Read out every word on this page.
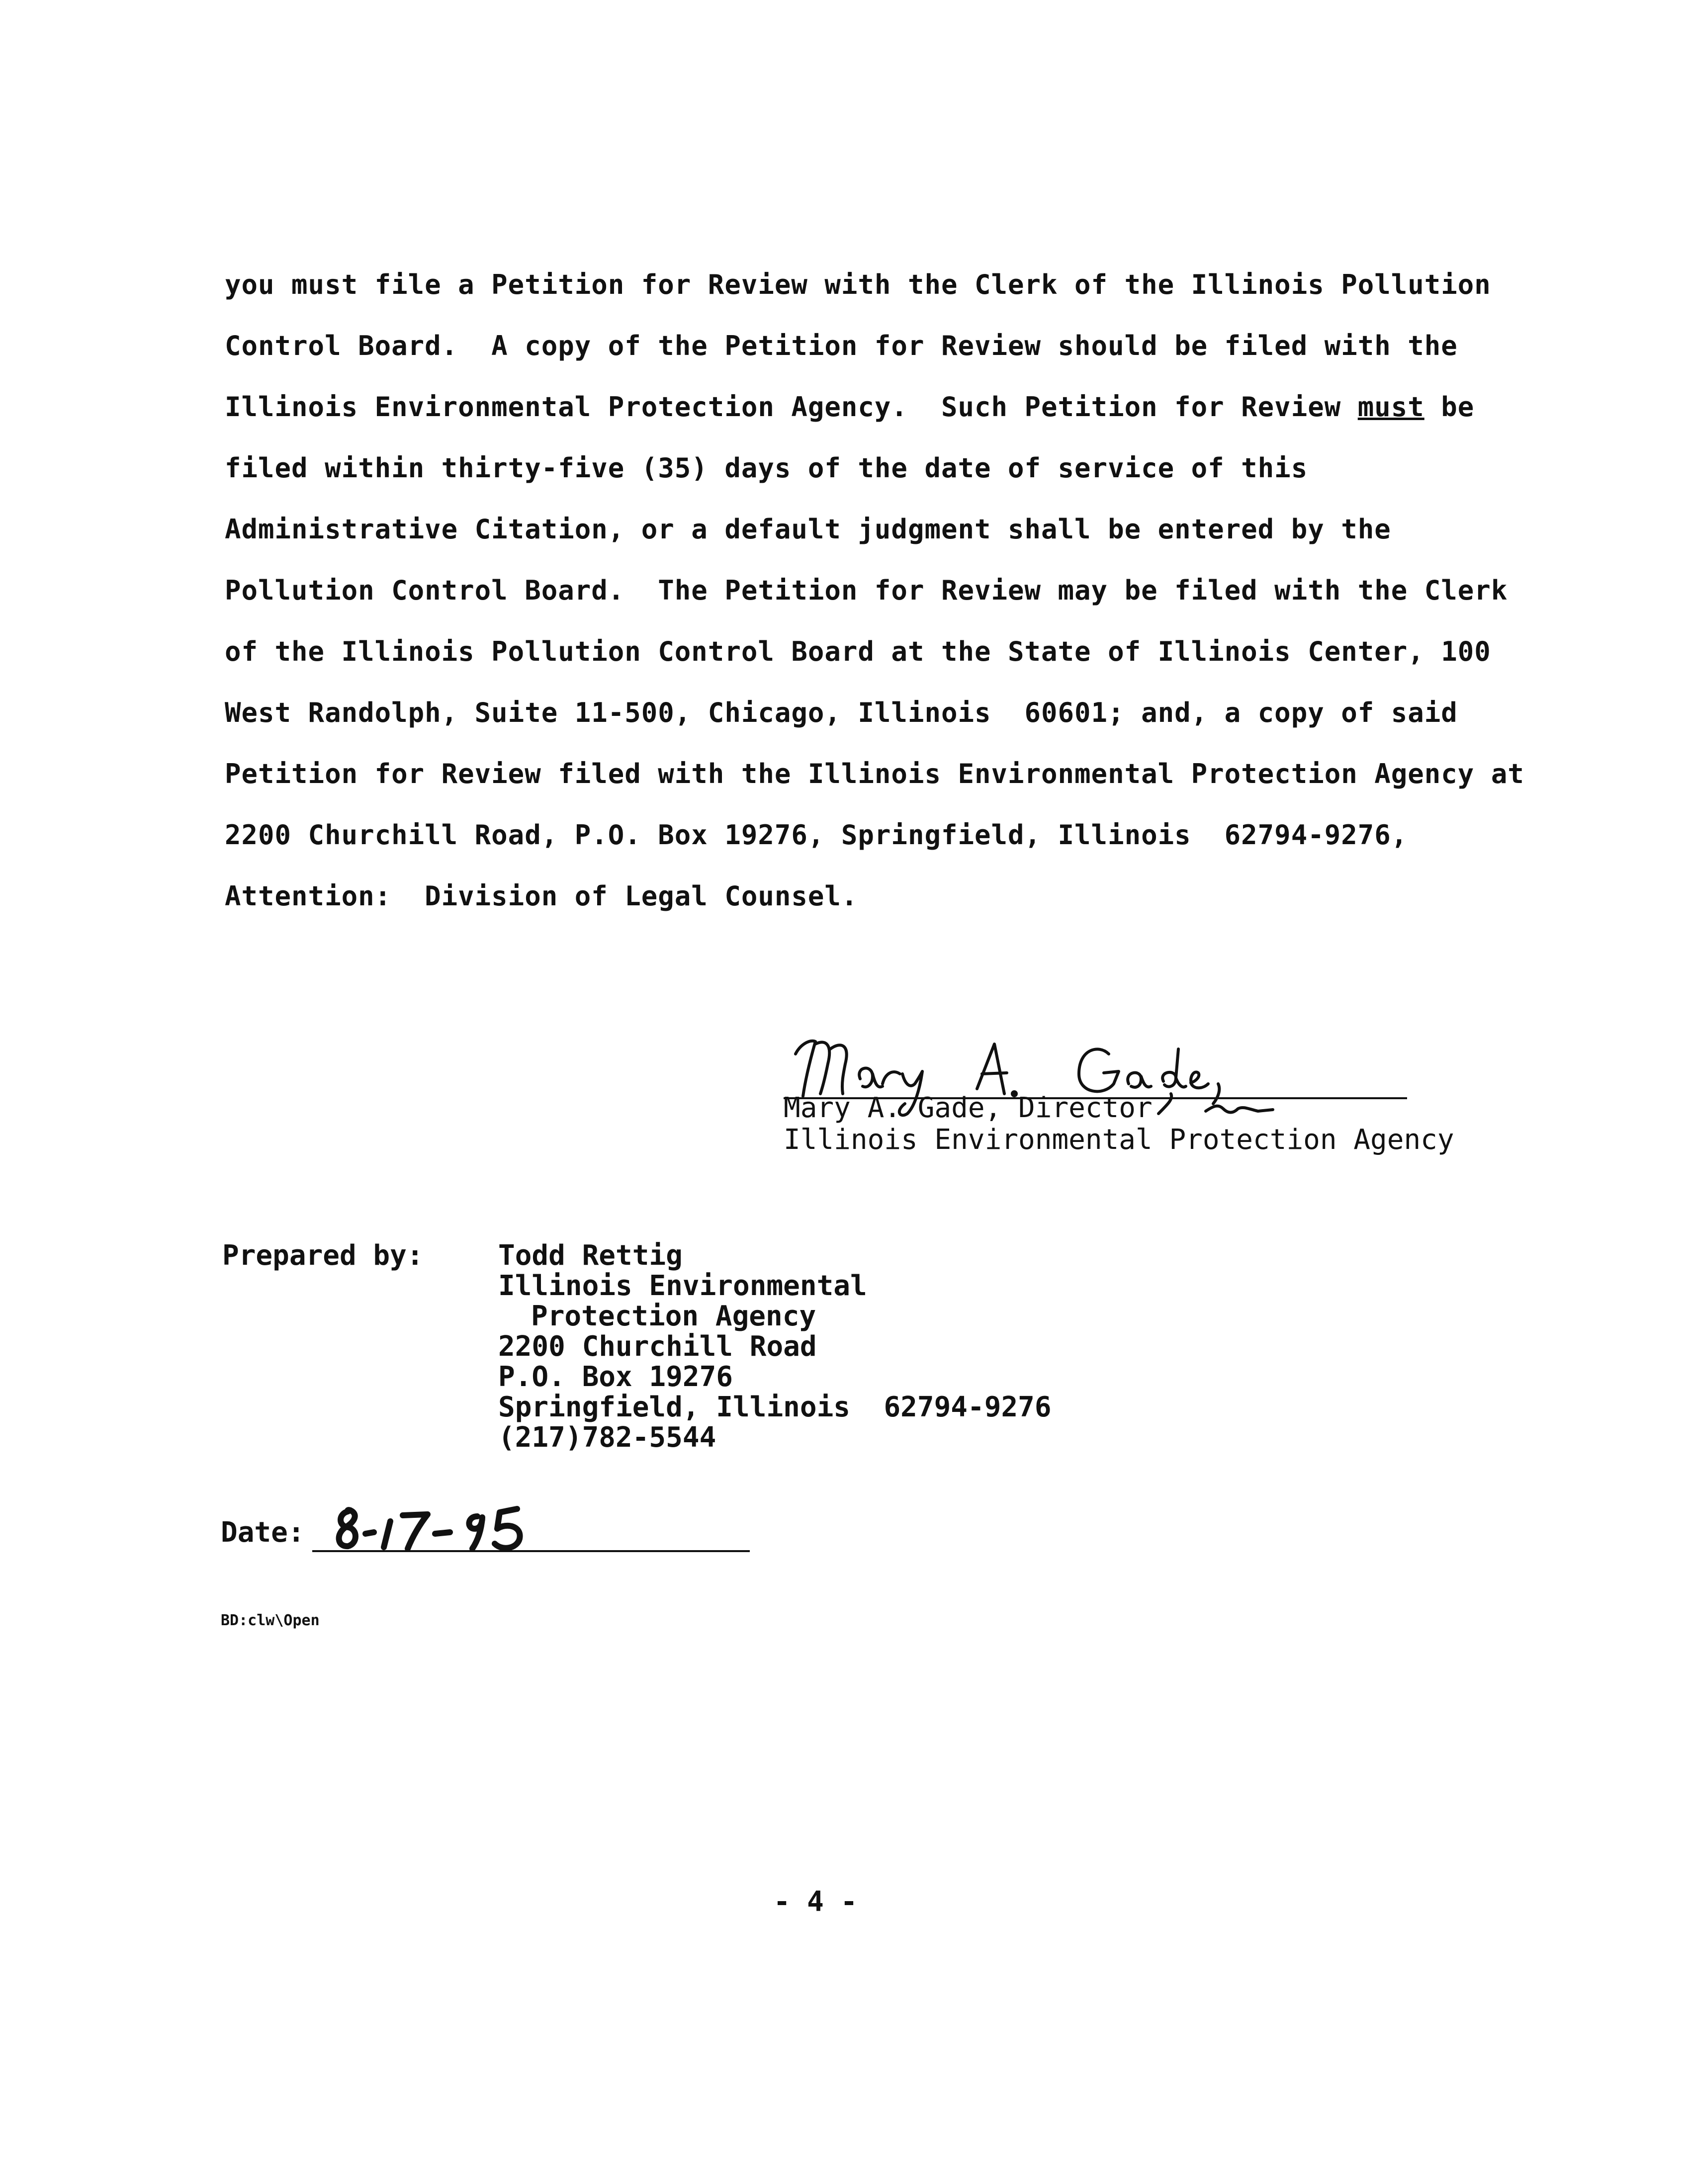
you must file a Petition for Review with the Clerk of the Illinois Pollution
Control Board.  A copy of the Petition for Review should be filed with the
Illinois Environmental Protection Agency.  Such Petition for Review must be
filed within thirty-five (35) days of the date of service of this
Administrative Citation, or a default judgment shall be entered by the
Pollution Control Board.  The Petition for Review may be filed with the Clerk
of the Illinois Pollution Control Board at the State of Illinois Center, 100
West Randolph, Suite 11-500, Chicago, Illinois  60601; and, a copy of said
Petition for Review filed with the Illinois Environmental Protection Agency at
2200 Churchill Road, P.O. Box 19276, Springfield, Illinois  62794-9276,
Attention:  Division of Legal Counsel.
Mary A. Gade, Director
Illinois Environmental Protection Agency
Prepared by:	Todd Rettig
Illinois Environmental
Protection Agency
2200 Churchill Road
P.O. Box 19276
Springfield, Illinois  62794-9276
(217)782-5544
Date:
BD:clw\Open
- 4 -
